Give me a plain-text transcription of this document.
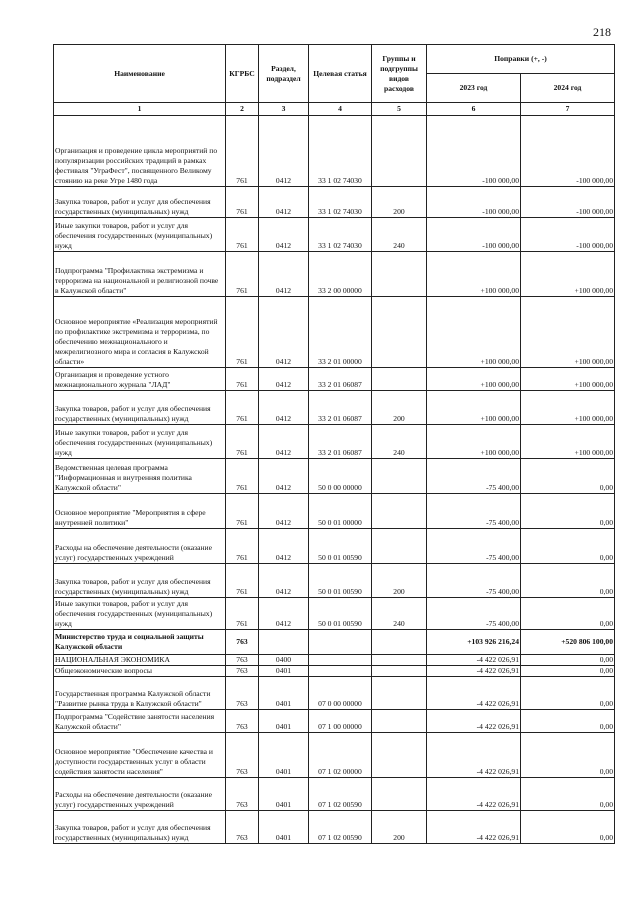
218
Наименование	КГРБС	Раздел, подраздел	Целевая статья	Группы и подгруппы видов расходов	Поправки (+, -)	
					2023 год	2024 год
1	2	3	4	5	6	7
Организация и проведение цикла мероприятий по популяризации российских традиций в рамках фестиваля "УграФест", посвященного Великому стоянию на реке Угре 1480 года	761	0412	33 1 02 74030		-100 000,00	-100 000,00
Закупка товаров, работ и услуг для обеспечения государственных (муниципальных) нужд	761	0412	33 1 02 74030	200	-100 000,00	-100 000,00
Иные закупки товаров, работ и услуг для обеспечения государственных (муниципальных) нужд	761	0412	33 1 02 74030	240	-100 000,00	-100 000,00
Подпрограмма "Профилактика экстремизма и терроризма на национальной и религиозной почве в Калужской области"	761	0412	33 2 00 00000		+100 000,00	+100 000,00
Основное мероприятие «Реализация мероприятий по профилактике экстремизма и терроризма, по обеспечению межнационального и межрелигиозного мира и согласия в Калужской области»	761	0412	33 2 01 00000		+100 000,00	+100 000,00
Организация и проведение устного межнационального журнала "ЛАД"	761	0412	33 2 01 06087		+100 000,00	+100 000,00
Закупка товаров, работ и услуг для обеспечения государственных (муниципальных) нужд	761	0412	33 2 01 06087	200	+100 000,00	+100 000,00
Иные закупки товаров, работ и услуг для обеспечения государственных (муниципальных) нужд	761	0412	33 2 01 06087	240	+100 000,00	+100 000,00
Ведомственная целевая программа "Информационная и внутренняя политика Калужской области"	761	0412	50 0 00 00000		-75 400,00	0,00
Основное мероприятие "Мероприятия в сфере внутренней политики"	761	0412	50 0 01 00000		-75 400,00	0,00
Расходы на обеспечение деятельности (оказание услуг) государственных учреждений	761	0412	50 0 01 00590		-75 400,00	0,00
Закупка товаров, работ и услуг для обеспечения государственных (муниципальных) нужд	761	0412	50 0 01 00590	200	-75 400,00	0,00
Иные закупки товаров, работ и услуг для обеспечения государственных (муниципальных) нужд	761	0412	50 0 01 00590	240	-75 400,00	0,00
Министерство труда и социальной защиты Калужской области	763				+103 926 216,24	+520 806 100,00
НАЦИОНАЛЬНАЯ ЭКОНОМИКА	763	0400			-4 422 026,91	0,00
Общеэкономические вопросы	763	0401			-4 422 026,91	0,00
Государственная программа Калужской области "Развитие рынка труда в Калужской области"	763	0401	07 0 00 00000		-4 422 026,91	0,00
Подпрограмма "Содействие занятости населения Калужской области"	763	0401	07 1 00 00000		-4 422 026,91	0,00
Основное мероприятие "Обеспечение качества и доступности государственных услуг в области содействия занятости населения"	763	0401	07 1 02 00000		-4 422 026,91	0,00
Расходы на обеспечение деятельности (оказание услуг) государственных учреждений	763	0401	07 1 02 00590		-4 422 026,91	0,00
Закупка товаров, работ и услуг для обеспечения государственных (муниципальных) нужд	763	0401	07 1 02 00590	200	-4 422 026,91	0,00
